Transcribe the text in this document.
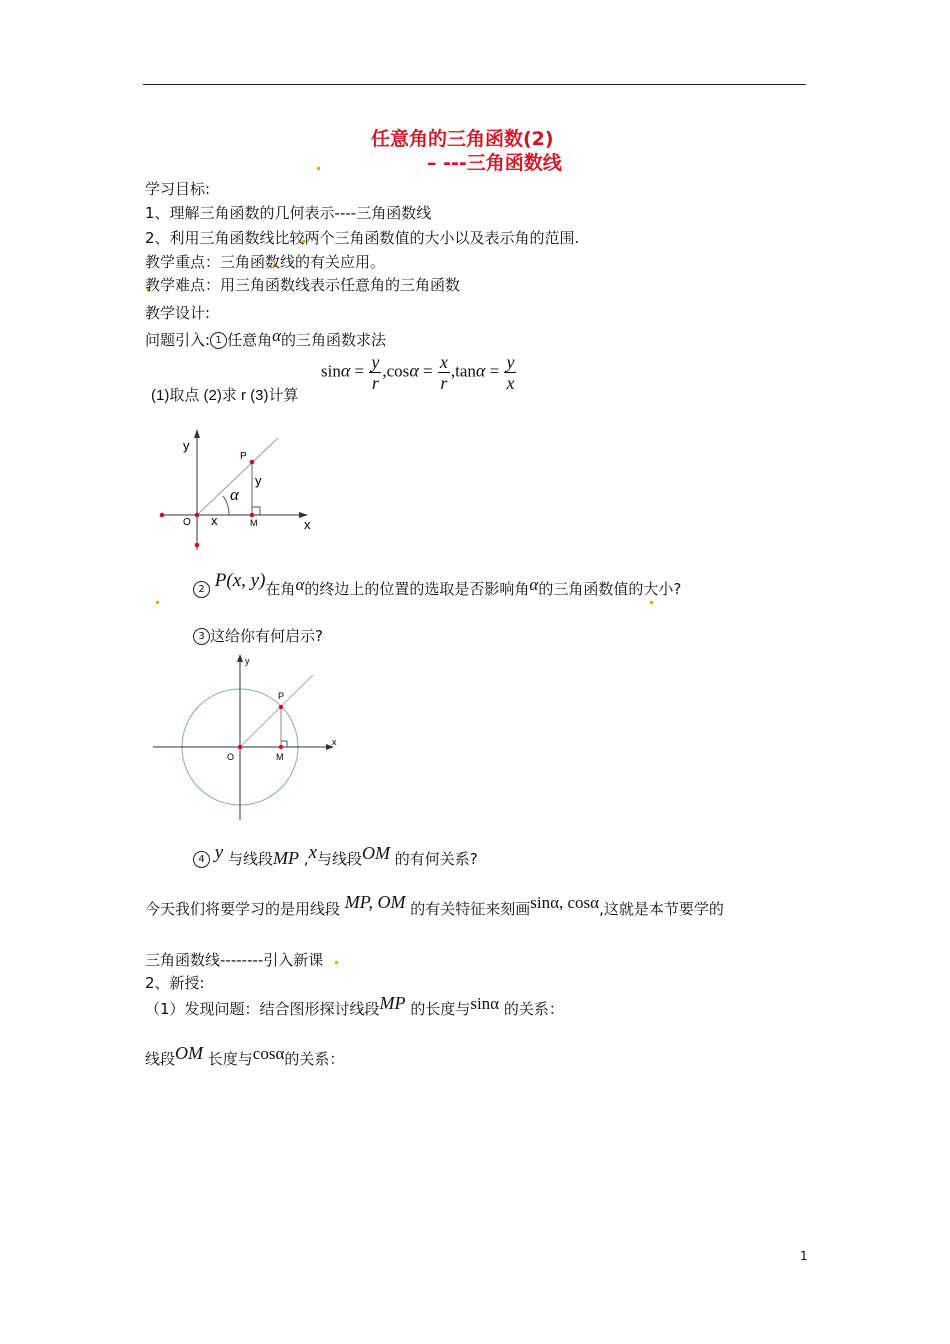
任意角的三角函数(2)
– ---三角函数线
学习目标:
1、理解三角函数的几何表示----三角函数线
2、利用三角函数线比较两个三角函数值的大小以及表示角的范围.
教学重点：三角函数线的有关应用。
教学难点：用三角函数线表示任意角的三角函数
教学设计:
问题引入: 1 任意角α的三角函数求法
(1)取点 (2)求 r (3)计算
$\sin\alpha = \frac{y}{r} ,\cos\alpha = \frac{x}{r} ,\tan\alpha = \frac{y}{x}$
y
x
P
y
α
O x	M
2 P(x, y)在角α的终边上的位置的选取是否影响角α的三角函数值的大小?
3 这给你有何启示?
y
x
P
O	M
4 y 与线段MP ,x与线段OM 的有何关系?
今天我们将要学习的是用线段 MP, OM 的有关特征来刻画sinα, cosα,这就是本节要学的
三角函数线--------引入新课
2、新授:
（1）发现问题：结合图形探讨线段MP 的长度与sinα 的关系：
线段OM 长度与cosα的关系：
1
